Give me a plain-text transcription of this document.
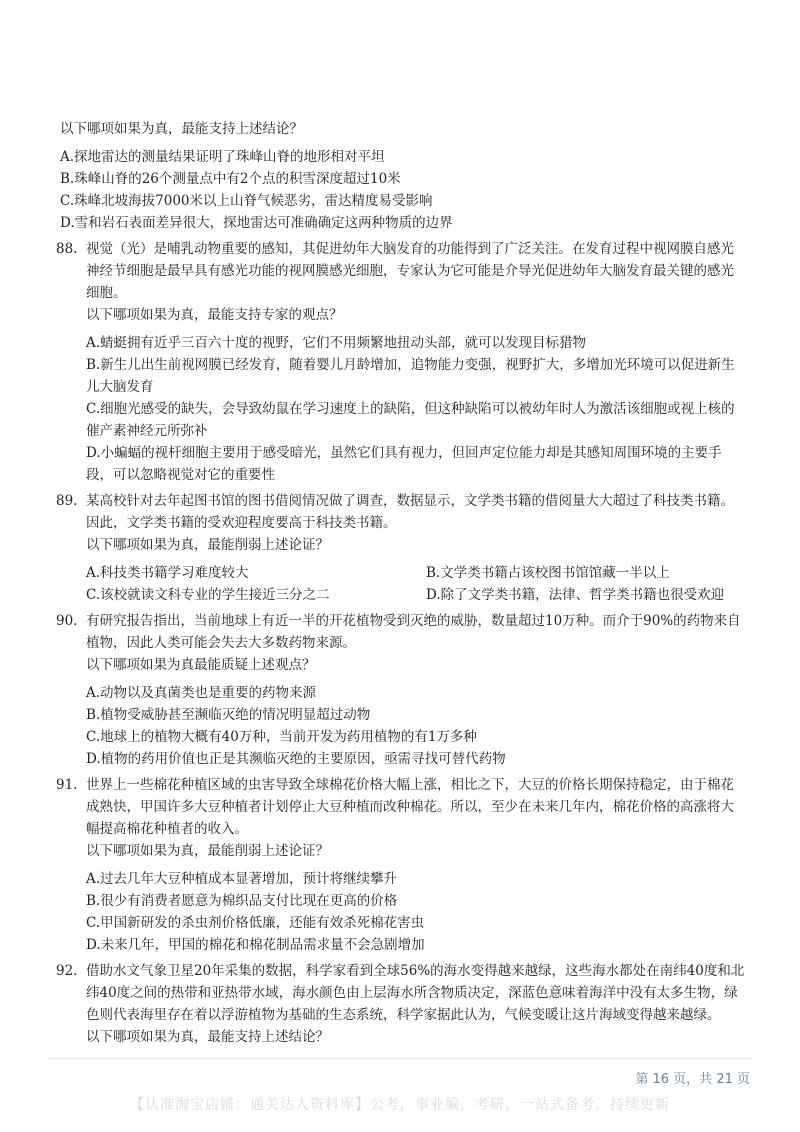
以下哪项如果为真，最能支持上述结论？
A.探地雷达的测量结果证明了珠峰山脊的地形相对平坦
B.珠峰山脊的26个测量点中有2个点的积雪深度超过10米
C.珠峰北坡海拔7000米以上山脊气候恶劣，雷达精度易受影响
D.雪和岩石表面差异很大，探地雷达可准确确定这两种物质的边界
88. 视觉（光）是哺乳动物重要的感知，其促进幼年大脑发育的功能得到了广泛关注。在发育过程中视网膜自感光
神经节细胞是最早具有感光功能的视网膜感光细胞，专家认为它可能是介导光促进幼年大脑发育最关键的感光
细胞。
以下哪项如果为真，最能支持专家的观点？
A.蜻蜓拥有近乎三百六十度的视野，它们不用频繁地扭动头部，就可以发现目标猎物
B.新生儿出生前视网膜已经发育，随着婴儿月龄增加，追物能力变强，视野扩大，多增加光环境可以促进新生
儿大脑发育
C.细胞光感受的缺失，会导致幼鼠在学习速度上的缺陷，但这种缺陷可以被幼年时人为激活该细胞或视上核的
催产素神经元所弥补
D.小蝙蝠的视杆细胞主要用于感受暗光，虽然它们具有视力，但回声定位能力却是其感知周围环境的主要手
段，可以忽略视觉对它的重要性
89. 某高校针对去年起图书馆的图书借阅情况做了调查，数据显示，文学类书籍的借阅量大大超过了科技类书籍。
因此，文学类书籍的受欢迎程度要高于科技类书籍。
以下哪项如果为真，最能削弱上述论证？
A.科技类书籍学习难度较大	B.文学类书籍占该校图书馆馆藏一半以上
C.该校就读文科专业的学生接近三分之二	D.除了文学类书籍，法律、哲学类书籍也很受欢迎
90. 有研究报告指出，当前地球上有近一半的开花植物受到灭绝的威胁，数量超过10万种。而介于90%的药物来自
植物，因此人类可能会失去大多数药物来源。
以下哪项如果为真最能质疑上述观点？
A.动物以及真菌类也是重要的药物来源
B.植物受威胁甚至濒临灭绝的情况明显超过动物
C.地球上的植物大概有40万种，当前开发为药用植物的有1万多种
D.植物的药用价值也正是其濒临灭绝的主要原因，亟需寻找可替代药物
91. 世界上一些棉花种植区域的虫害导致全球棉花价格大幅上涨，相比之下，大豆的价格长期保持稳定，由于棉花
成熟快，甲国许多大豆种植者计划停止大豆种植而改种棉花。所以，至少在未来几年内，棉花价格的高涨将大
幅提高棉花种植者的收入。
以下哪项如果为真，最能削弱上述论证？
A.过去几年大豆种植成本显著增加，预计将继续攀升
B.很少有消费者愿意为棉织品支付比现在更高的价格
C.甲国新研发的杀虫剂价格低廉，还能有效杀死棉花害虫
D.未来几年，甲国的棉花和棉花制品需求量不会急剧增加
92. 借助水文气象卫星20年采集的数据，科学家看到全球56%的海水变得越来越绿，这些海水都处在南纬40度和北
纬40度之间的热带和亚热带水域，海水颜色由上层海水所含物质决定，深蓝色意味着海洋中没有太多生物，绿
色则代表海里存在着以浮游植物为基础的生态系统，科学家据此认为，气候变暖让这片海域变得越来越绿。
以下哪项如果为真，最能支持上述结论？
第 16 页，共 21 页
【认准淘宝店铺：通关达人资料库】公考，事业编，考研，一站式备考，持续更新
